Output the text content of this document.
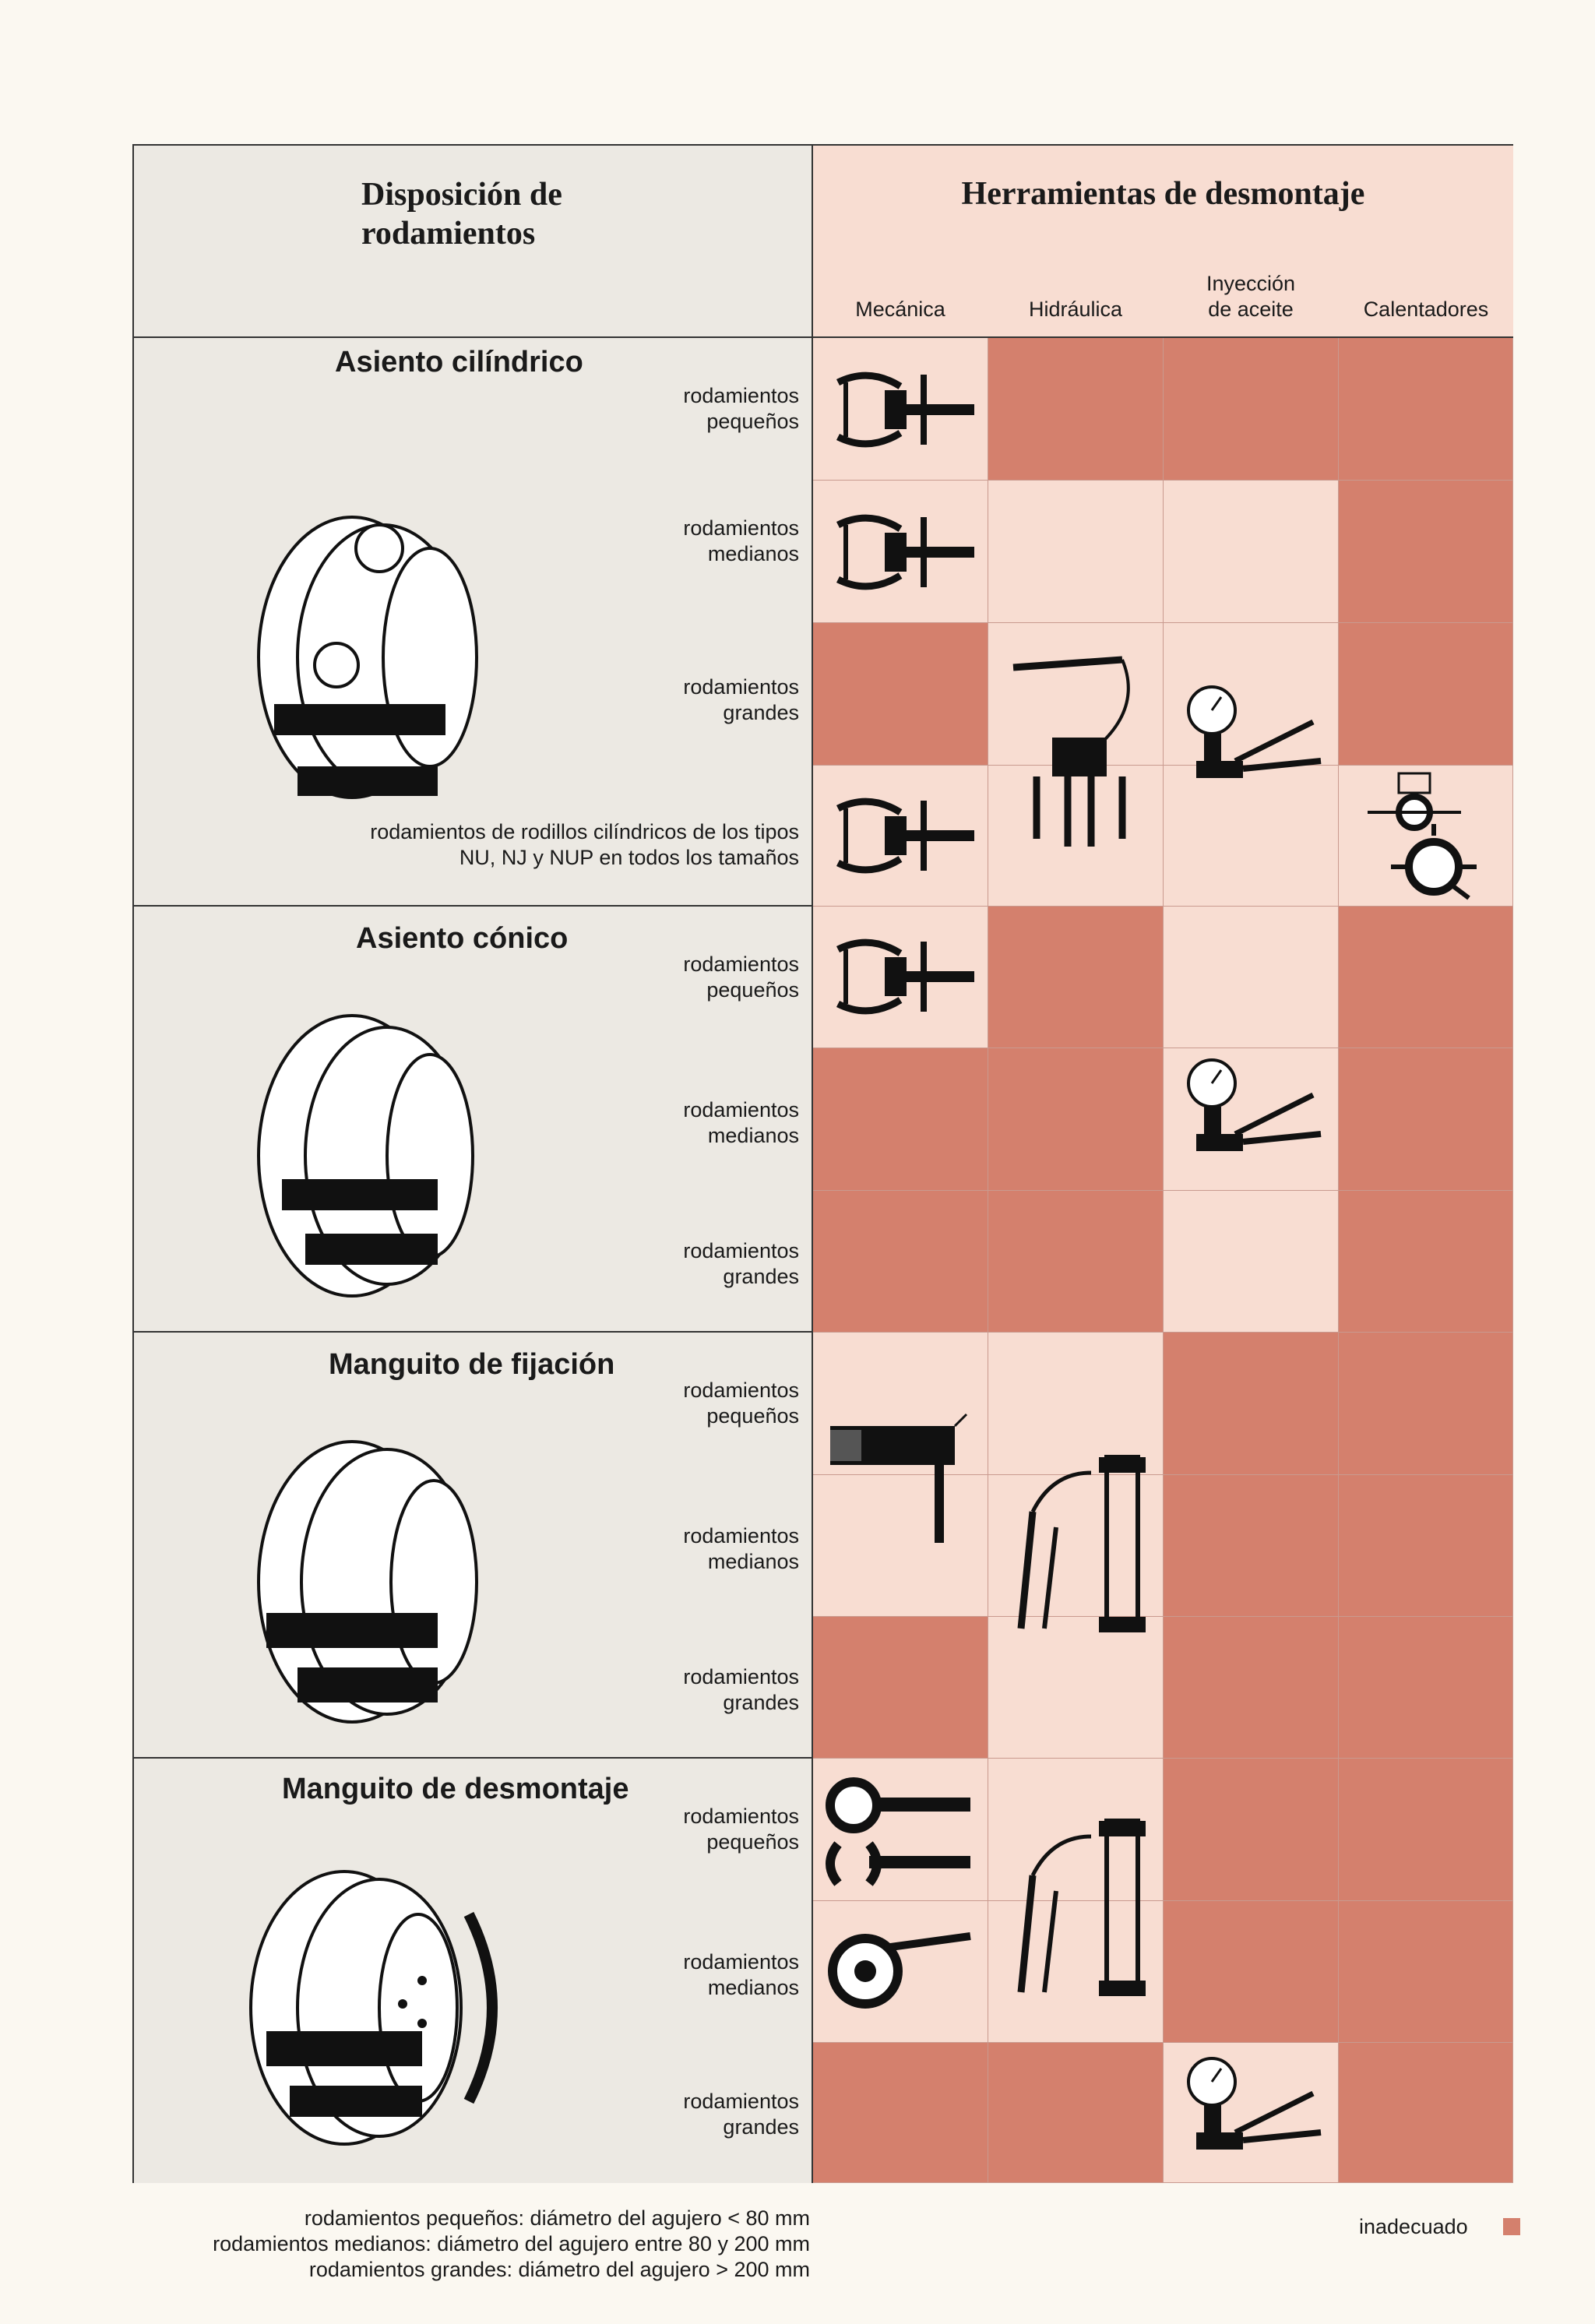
Disposición de
rodamientos
Herramientas de desmontaje
Mecánica	Hidráulica
Inyección
de aceite	Calentadores
Asiento cilíndrico
rodamientos
pequeños
rodamientos
medianos
rodamientos
grandes
rodamientos de rodillos cilíndricos de los tipos
NU, NJ y NUP en todos los tamaños
Asiento cónico
rodamientos
pequeños
rodamientos
medianos
rodamientos
grandes
Manguito de fijación
rodamientos
pequeños
rodamientos
medianos
rodamientos
grandes
Manguito de desmontaje
rodamientos
pequeños
rodamientos
medianos
rodamientos
grandes
rodamientos pequeños: diámetro del agujero < 80 mm
rodamientos medianos: diámetro del agujero entre 80 y 200 mm
rodamientos grandes: diámetro del agujero > 200 mm
inadecuado
